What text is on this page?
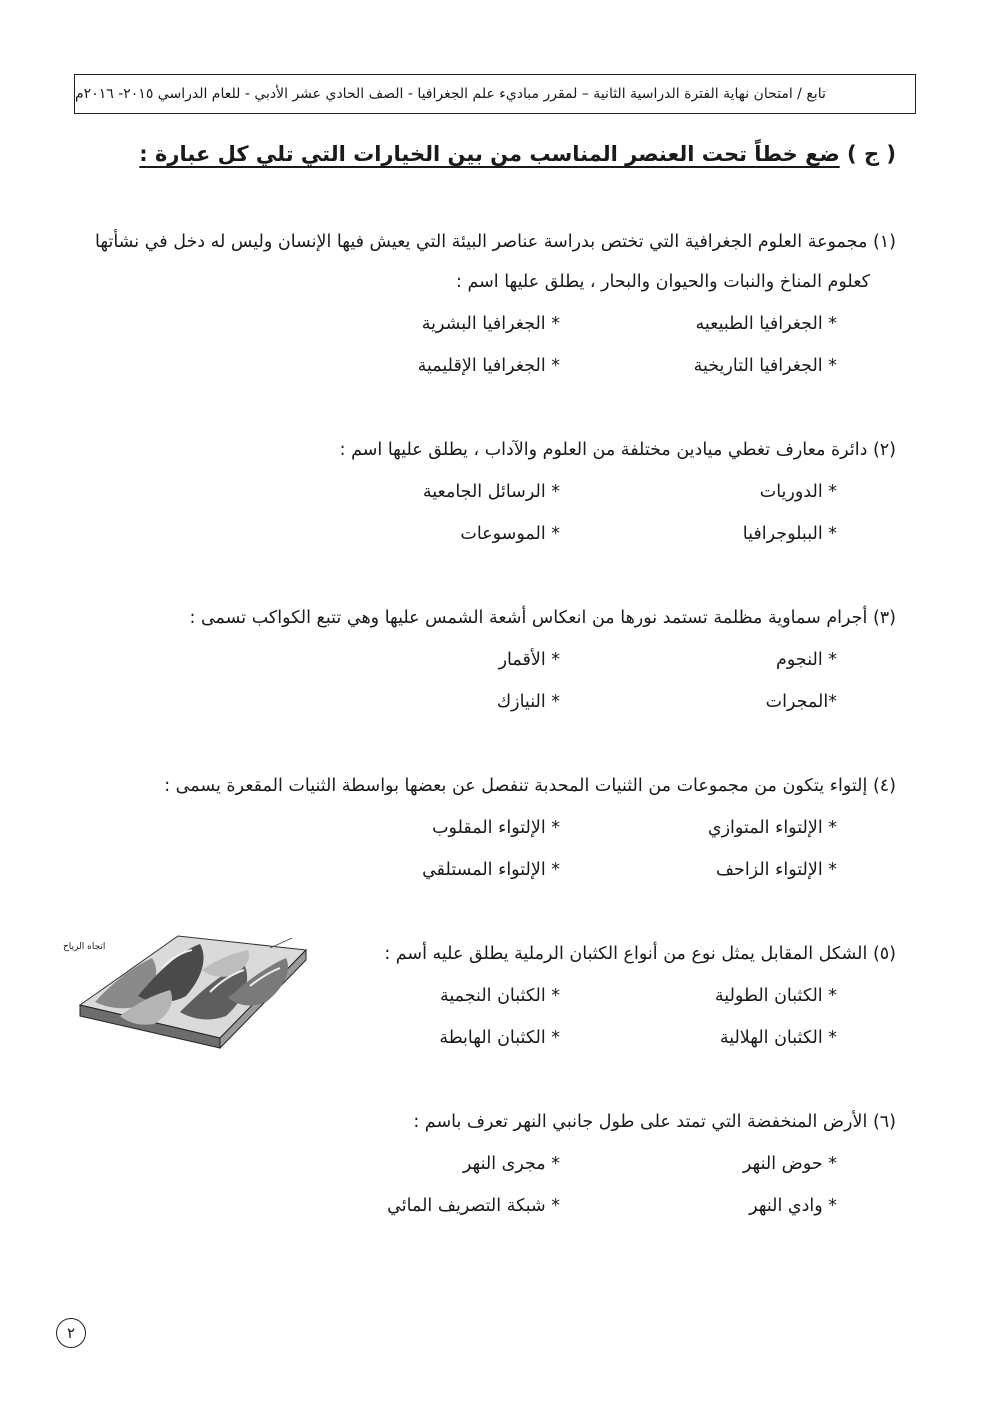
تابع / امتحان نهاية الفترة الدراسية الثانية – لمقرر مباديء علم الجغرافيا - الصف الحادي عشر الأدبي - للعام الدراسي ٢٠١٥- ٢٠١٦م
( ج ) ضع خطاً تحت العنصر المناسب من بين الخيارات التي تلي كل عبارة :
(١) مجموعة العلوم الجغرافية التي تختص بدراسة عناصر البيئة التي يعيش فيها الإنسان وليس له دخل في نشأتها
كعلوم المناخ والنبات والحيوان والبحار ، يطلق عليها اسم :
* الجغرافيا الطبيعيه
* الجغرافيا البشرية
* الجغرافيا التاريخية
* الجغرافيا الإقليمية
(٢) دائرة معارف تغطي ميادين مختلفة من العلوم والآداب ، يطلق عليها اسم :
* الدوريات
* الرسائل الجامعية
* الببلوجرافيا
* الموسوعات
(٣) أجرام سماوية مظلمة تستمد نورها من انعكاس أشعة الشمس عليها وهي تتبع الكواكب تسمى :
* النجوم
* الأقمار
*المجرات
* النيازك
(٤) إلتواء يتكون من مجموعات من الثنيات المحدبة تنفصل عن بعضها بواسطة الثنيات المقعرة يسمى :
* الإلتواء المتوازي
* الإلتواء المقلوب
* الإلتواء الزاحف
* الإلتواء المستلقي
(٥) الشكل المقابل يمثل نوع من أنواع الكثبان الرملية يطلق عليه أسم :
* الكثبان الطولية
* الكثبان النجمية
* الكثبان الهلالية
* الكثبان الهابطة
اتجاه الرياح
(٦) الأرض المنخفضة التي تمتد على طول جانبي النهر تعرف باسم :
* حوض النهر
* مجرى النهر
* وادي النهر
* شبكة التصريف المائي
٢
